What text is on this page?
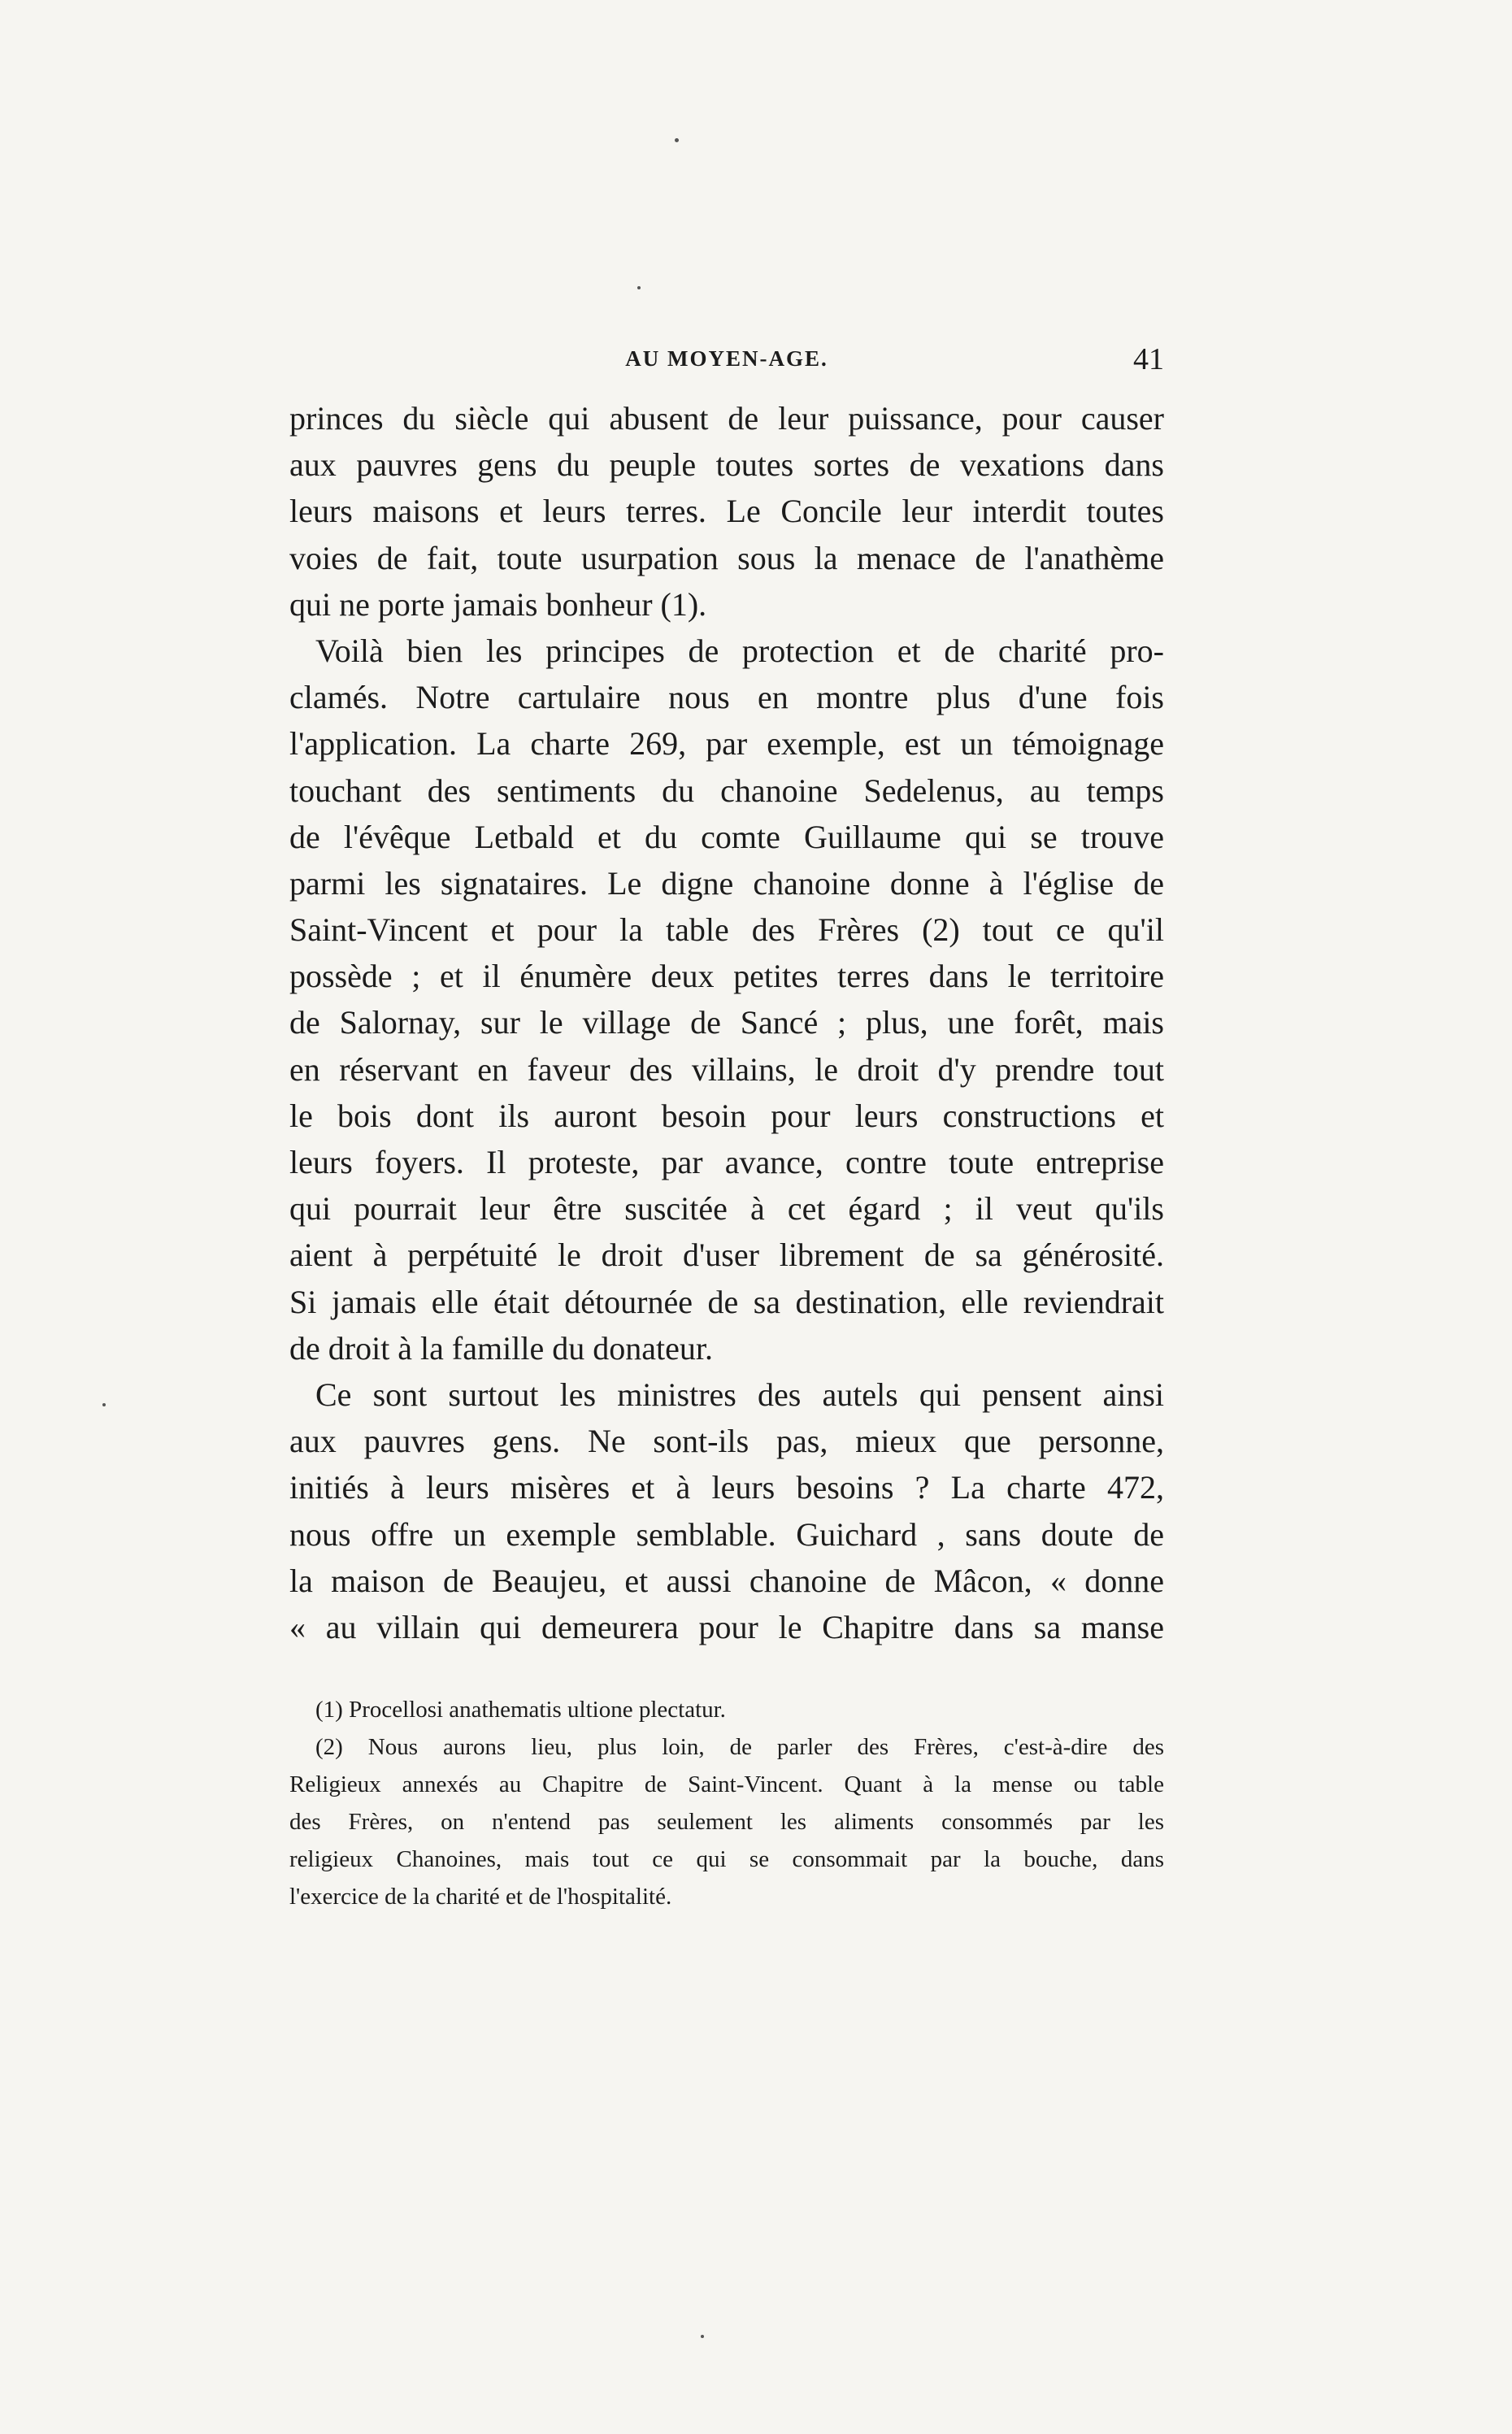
AU MOYEN-AGE.	41
princes du siècle qui abusent de leur puissance, pour causer
aux pauvres gens du peuple toutes sortes de vexations dans
leurs maisons et leurs terres. Le Concile leur interdit toutes
voies de fait, toute usurpation sous la menace de l'anathème
qui ne porte jamais bonheur (1).
Voilà bien les principes de protection et de charité pro-
clamés. Notre cartulaire nous en montre plus d'une fois
l'application. La charte 269, par exemple, est un témoignage
touchant des sentiments du chanoine Sedelenus, au temps
de l'évêque Letbald et du comte Guillaume qui se trouve
parmi les signataires. Le digne chanoine donne à l'église de
Saint-Vincent et pour la table des Frères (2) tout ce qu'il
possède ; et il énumère deux petites terres dans le territoire
de Salornay, sur le village de Sancé ; plus, une forêt, mais
en réservant en faveur des villains, le droit d'y prendre tout
le bois dont ils auront besoin pour leurs constructions et
leurs foyers. Il proteste, par avance, contre toute entreprise
qui pourrait leur être suscitée à cet égard ; il veut qu'ils
aient à perpétuité le droit d'user librement de sa générosité.
Si jamais elle était détournée de sa destination, elle reviendrait
de droit à la famille du donateur.
Ce sont surtout les ministres des autels qui pensent ainsi
aux pauvres gens. Ne sont-ils pas, mieux que personne,
initiés à leurs misères et à leurs besoins ? La charte 472,
nous offre un exemple semblable. Guichard , sans doute de
la maison de Beaujeu, et aussi chanoine de Mâcon, « donne
« au villain qui demeurera pour le Chapitre dans sa manse
(1) Procellosi anathematis ultione plectatur.
(2) Nous aurons lieu, plus loin, de parler des Frères, c'est-à-dire des
Religieux annexés au Chapitre de Saint-Vincent. Quant à la mense ou table
des Frères, on n'entend pas seulement les aliments consommés par les
religieux Chanoines, mais tout ce qui se consommait par la bouche, dans
l'exercice de la charité et de l'hospitalité.
